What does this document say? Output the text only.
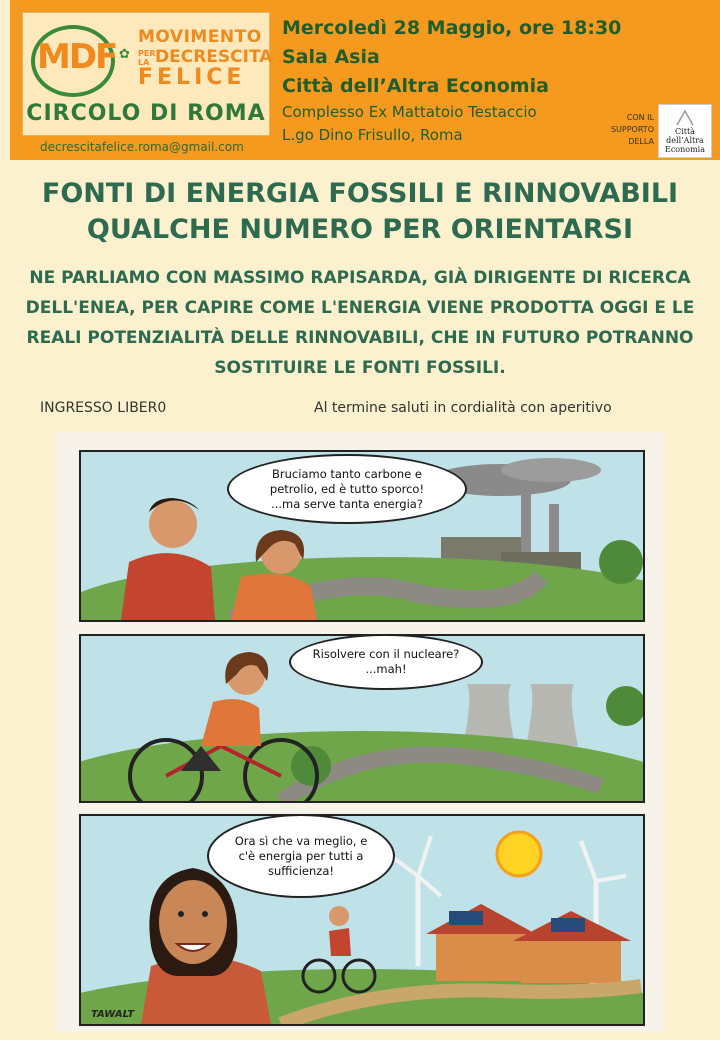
MDF ✿
MOVIMENTO
PER LA DECRESCITA
FELICE
CIRCOLO DI ROMA
decrescitafelice.roma@gmail.com
Mercoledì 28 Maggio, ore 18:30
Sala Asia
Città dell’Altra Economia
Complesso Ex Mattatoio Testaccio
L.go Dino Frisullo, Roma
CON IL SUPPORTO DELLA
Città dell’Altra Economia
FONTI DI ENERGIA FOSSILI E RINNOVABILI
QUALCHE NUMERO PER ORIENTARSI
NE PARLIAMO CON MASSIMO RAPISARDA, GIÀ DIRIGENTE DI RICERCA DELL'ENEA, PER CAPIRE COME L'ENERGIA VIENE PRODOTTA OGGI E LE REALI POTENZIALITÀ DELLE RINNOVABILI, CHE IN FUTURO POTRANNO SOSTITUIRE LE FONTI FOSSILI.
INGRESSO LIBER0	Al termine saluti in cordialità con aperitivo
Bruciamo tanto carbone e petrolio, ed è tutto sporco! ...ma serve tanta energia?
Risolvere con il nucleare? ...mah!
Ora sì che va meglio, e c'è energia per tutti a sufficienza!
TAWALT
